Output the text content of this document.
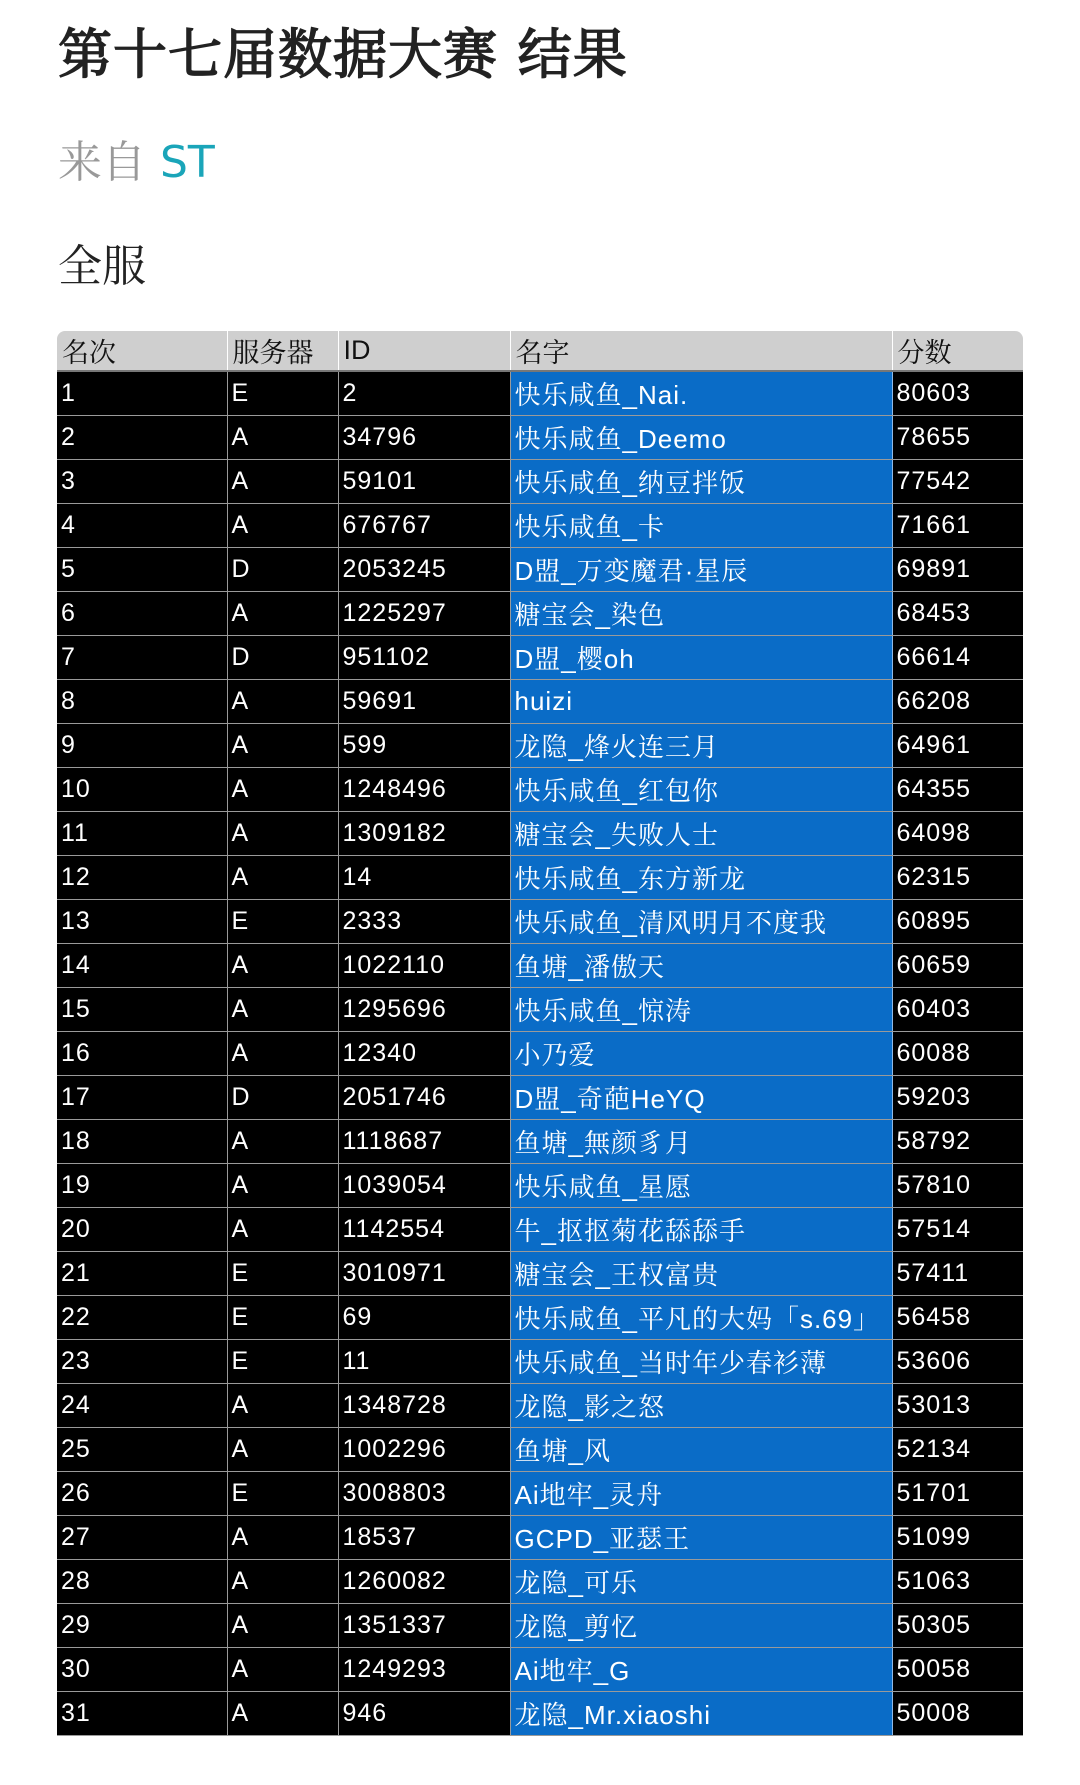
第十七届数据大赛 结果
来自 ST
全服
名次	服务器	ID	名字	分数
1	E	2	快乐咸鱼_Nai.	80603
2	A	34796	快乐咸鱼_Deemo	78655
3	A	59101	快乐咸鱼_纳豆拌饭	77542
4	A	676767	快乐咸鱼_卡	71661
5	D	2053245	D盟_万变魔君·星辰	69891
6	A	1225297	糖宝会_染色	68453
7	D	951102	D盟_樱oh	66614
8	A	59691	huizi	66208
9	A	599	龙隐_烽火连三月	64961
10	A	1248496	快乐咸鱼_红包你	64355
11	A	1309182	糖宝会_失败人士	64098
12	A	14	快乐咸鱼_东方新龙	62315
13	E	2333	快乐咸鱼_清风明月不度我	60895
14	A	1022110	鱼塘_潘傲天	60659
15	A	1295696	快乐咸鱼_惊涛	60403
16	A	12340	小乃爱	60088
17	D	2051746	D盟_奇葩HeYQ	59203
18	A	1118687	鱼塘_無颜豸月	58792
19	A	1039054	快乐咸鱼_星愿	57810
20	A	1142554	牛_抠抠菊花舔舔手	57514
21	E	3010971	糖宝会_王权富贵	57411
22	E	69	快乐咸鱼_平凡的大妈「s.69」	56458
23	E	11	快乐咸鱼_当时年少春衫薄	53606
24	A	1348728	龙隐_影之怒	53013
25	A	1002296	鱼塘_风	52134
26	E	3008803	Ai地牢_灵舟	51701
27	A	18537	GCPD_亚瑟王	51099
28	A	1260082	龙隐_可乐	51063
29	A	1351337	龙隐_剪忆	50305
30	A	1249293	Ai地牢_G	50058
31	A	946	龙隐_Mr.xiaoshi	50008
